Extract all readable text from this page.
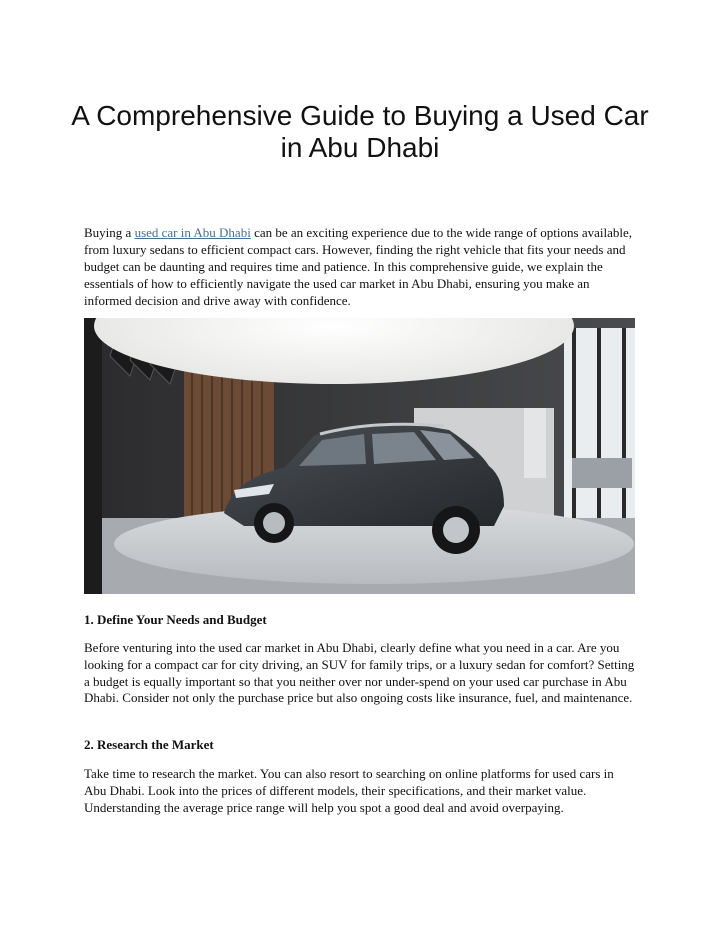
A Comprehensive Guide to Buying a Used Car in Abu Dhabi

Buying a used car in Abu Dhabi can be an exciting experience due to the wide range of options available, from luxury sedans to efficient compact cars. However, finding the right vehicle that fits your needs and budget can be daunting and requires time and patience. In this comprehensive guide, we explain the essentials of how to efficiently navigate the used car market in Abu Dhabi, ensuring you make an informed decision and drive away with confidence.

1. Define Your Needs and Budget

Before venturing into the used car market in Abu Dhabi, clearly define what you need in a car. Are you looking for a compact car for city driving, an SUV for family trips, or a luxury sedan for comfort? Setting a budget is equally important so that you neither over nor under-spend on your used car purchase in Abu Dhabi. Consider not only the purchase price but also ongoing costs like insurance, fuel, and maintenance.

2. Research the Market

Take time to research the market. You can also resort to searching on online platforms for used cars in Abu Dhabi. Look into the prices of different models, their specifications, and their market value. Understanding the average price range will help you spot a good deal and avoid overpaying.
